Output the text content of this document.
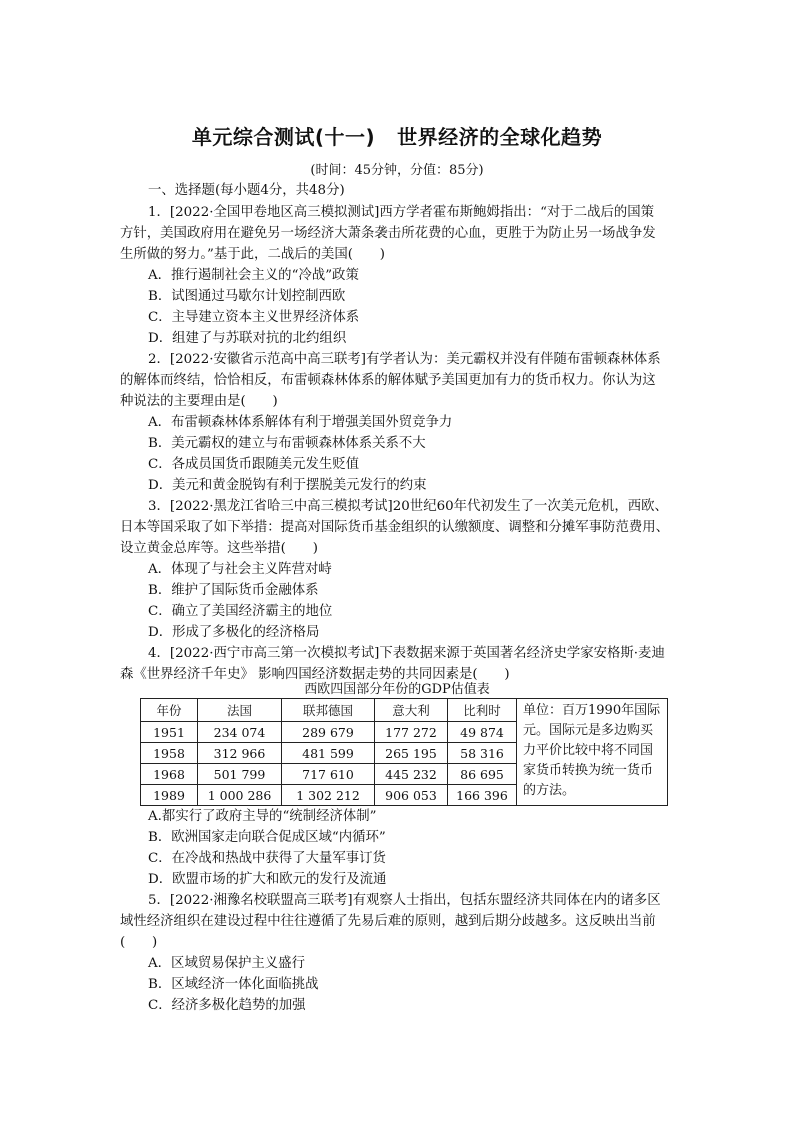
单元综合测试(十一) 世界经济的全球化趋势
(时间：45分钟，分值：85分)
一、选择题(每小题4分，共48分)
1．[2022·全国甲卷地区高三模拟测试]西方学者霍布斯鲍姆指出：“对于二战后的国策
方针，美国政府用在避免另一场经济大萧条袭击所花费的心血，更胜于为防止另一场战争发
生所做的努力。”基于此，二战后的美国(　　)
A．推行遏制社会主义的“冷战”政策
B．试图通过马歇尔计划控制西欧
C．主导建立资本主义世界经济体系
D．组建了与苏联对抗的北约组织
2．[2022·安徽省示范高中高三联考]有学者认为：美元霸权并没有伴随布雷顿森林体系
的解体而终结，恰恰相反，布雷顿森林体系的解体赋予美国更加有力的货币权力。你认为这
种说法的主要理由是(　　)
A．布雷顿森林体系解体有利于增强美国外贸竞争力
B．美元霸权的建立与布雷顿森林体系关系不大
C．各成员国货币跟随美元发生贬值
D．美元和黄金脱钩有利于摆脱美元发行的约束
3．[2022·黑龙江省哈三中高三模拟考试]20世纪60年代初发生了一次美元危机，西欧、
日本等国采取了如下举措：提高对国际货币基金组织的认缴额度、调整和分摊军事防范费用、
设立黄金总库等。这些举措(　　)
A．体现了与社会主义阵营对峙
B．维护了国际货币金融体系
C．确立了美国经济霸主的地位
D．形成了多极化的经济格局
4．[2022·西宁市高三第一次模拟考试]下表数据来源于英国著名经济史学家安格斯·麦迪
森《世界经济千年史》 影响四国经济数据走势的共同因素是(　　)
西欧四国部分年份的GDP估值表
年份	法国	联邦德国	意大利	比利时	单位：百万1990年国际元。国际元是多边购买力平价比较中将不同国家货币转换为统一货币的方法。
1951	234 074	289 679	177 272	49 874	
1958	312 966	481 599	265 195	58 316	
1968	501 799	717 610	445 232	86 695	
1989	1 000 286	1 302 212	906 053	166 396	
A.都实行了政府主导的“统制经济体制”
B．欧洲国家走向联合促成区域“内循环”
C．在冷战和热战中获得了大量军事订货
D．欧盟市场的扩大和欧元的发行及流通
5．[2022·湘豫名校联盟高三联考]有观察人士指出，包括东盟经济共同体在内的诸多区
域性经济组织在建设过程中往往遵循了先易后难的原则，越到后期分歧越多。这反映出当前
(　　)
A．区域贸易保护主义盛行
B．区域经济一体化面临挑战
C．经济多极化趋势的加强
